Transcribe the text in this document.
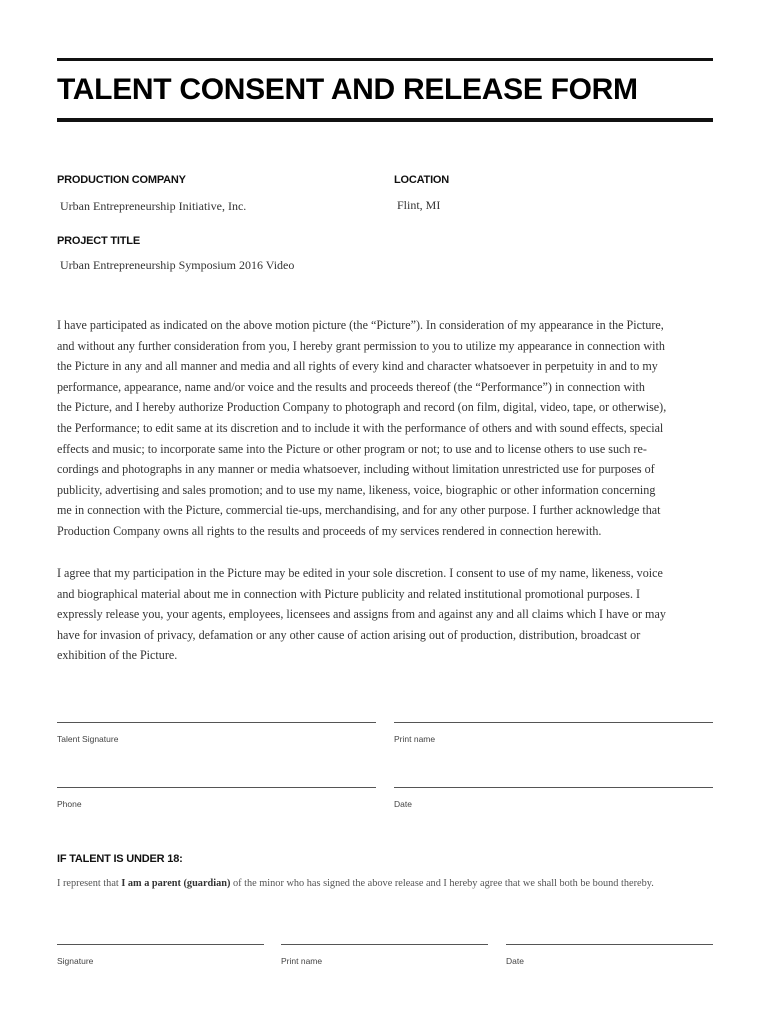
TALENT CONSENT AND RELEASE FORM
PRODUCTION COMPANY
Urban Entrepreneurship Initiative, Inc.
LOCATION
Flint, MI
PROJECT TITLE
Urban Entrepreneurship Symposium 2016 Video
I have participated as indicated on the above motion picture (the “Picture”). In consideration of my appearance in the Picture,
and without any further consideration from you, I hereby grant permission to you to utilize my appearance in connection with
the Picture in any and all manner and media and all rights of every kind and character whatsoever in perpetuity in and to my
performance, appearance, name and/or voice and the results and proceeds thereof (the “Performance”) in connection with
the Picture, and I hereby authorize Production Company to photograph and record (on film, digital, video, tape, or otherwise),
the Performance; to edit same at its discretion and to include it with the performance of others and with sound effects, special
effects and music; to incorporate same into the Picture or other program or not; to use and to license others to use such re-
cordings and photographs in any manner or media whatsoever, including without limitation unrestricted use for purposes of
publicity, advertising and sales promotion; and to use my name, likeness, voice, biographic or other information concerning
me in connection with the Picture, commercial tie-ups, merchandising, and for any other purpose. I further acknowledge that
Production Company owns all rights to the results and proceeds of my services rendered in connection herewith.
I agree that my participation in the Picture may be edited in your sole discretion. I consent to use of my name, likeness, voice
and biographical material about me in connection with Picture publicity and related institutional promotional purposes. I
expressly release you, your agents, employees, licensees and assigns from and against any and all claims which I have or may
have for invasion of privacy, defamation or any other cause of action arising out of production, distribution, broadcast or
exhibition of the Picture.
Talent Signature	Print name
Phone	Date
IF TALENT IS UNDER 18:
I represent that I am a parent (guardian) of the minor who has signed the above release and I hereby agree that we shall both be bound thereby.
Signature	Print name	Date
